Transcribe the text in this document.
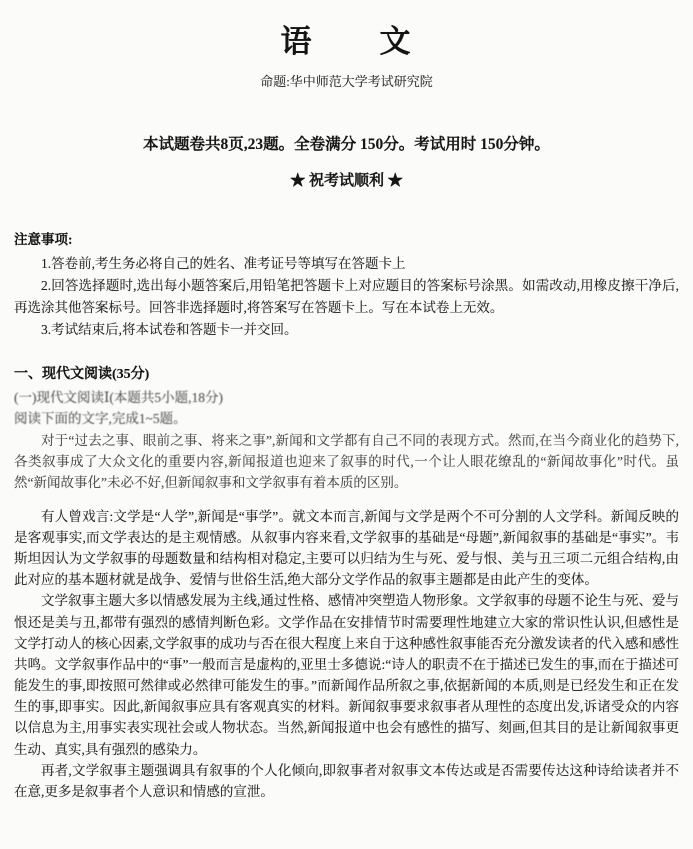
语　　文
命题:华中师范大学考试研究院
本试题卷共8页,23题。全卷满分 150分。考试用时 150分钟。
★ 祝考试顺利 ★
注意事项:

1.答卷前,考生务必将自己的姓名、准考证号等填写在答题卡上

2.回答选择题时,选出每小题答案后,用铅笔把答题卡上对应题目的答案标号涂黑。如需改动,用橡皮擦干净后,再选涂其他答案标号。回答非选择题时,将答案写在答题卡上。写在本试卷上无效。

3.考试结束后,将本试卷和答题卡一并交回。

一、现代文阅读(35分)
(一)现代文阅读Ⅰ(本题共5小题,18分)
阅读下面的文字,完成1~5题。

对于“过去之事、眼前之事、将来之事”,新闻和文学都有自己不同的表现方式。然而,在当今商业化的趋势下,各类叙事成了大众文化的重要内容,新闻报道也迎来了叙事的时代,一个让人眼花缭乱的“新闻故事化”时代。虽然“新闻故事化”未必不好,但新闻叙事和文学叙事有着本质的区别。

有人曾戏言:文学是“人学”,新闻是“事学”。就文本而言,新闻与文学是两个不可分割的人文学科。新闻反映的是客观事实,而文学表达的是主观情感。从叙事内容来看,文学叙事的基础是“母题”,新闻叙事的基础是“事实”。韦斯坦因认为文学叙事的母题数量和结构相对稳定,主要可以归结为生与死、爱与恨、美与丑三项二元组合结构,由此对应的基本题材就是战争、爱情与世俗生活,绝大部分文学作品的叙事主题都是由此产生的变体。

文学叙事主题大多以情感发展为主线,通过性格、感情冲突塑造人物形象。文学叙事的母题不论生与死、爱与恨还是美与丑,都带有强烈的感情判断色彩。文学作品在安排情节时需要理性地建立大家的常识性认识,但感性是文学打动人的核心因素,文学叙事的成功与否在很大程度上来自于这种感性叙事能否充分激发读者的代入感和感性共鸣。文学叙事作品中的“事”一般而言是虚构的,亚里士多德说:“诗人的职责不在于描述已发生的事,而在于描述可能发生的事,即按照可然律或必然律可能发生的事。”而新闻作品所叙之事,依据新闻的本质,则是已经发生和正在发生的事,即事实。因此,新闻叙事应具有客观真实的材料。新闻叙事要求叙事者从理性的态度出发,诉诸受众的内容以信息为主,用事实表实现社会或人物状态。当然,新闻报道中也会有感性的描写、刻画,但其目的是让新闻叙事更生动、真实,具有强烈的感染力。

再者,文学叙事主题强调具有叙事的个人化倾向,即叙事者对叙事文本传达或是否需要传达这种诗给读者并不在意,更多是叙事者个人意识和情感的宣泄。
